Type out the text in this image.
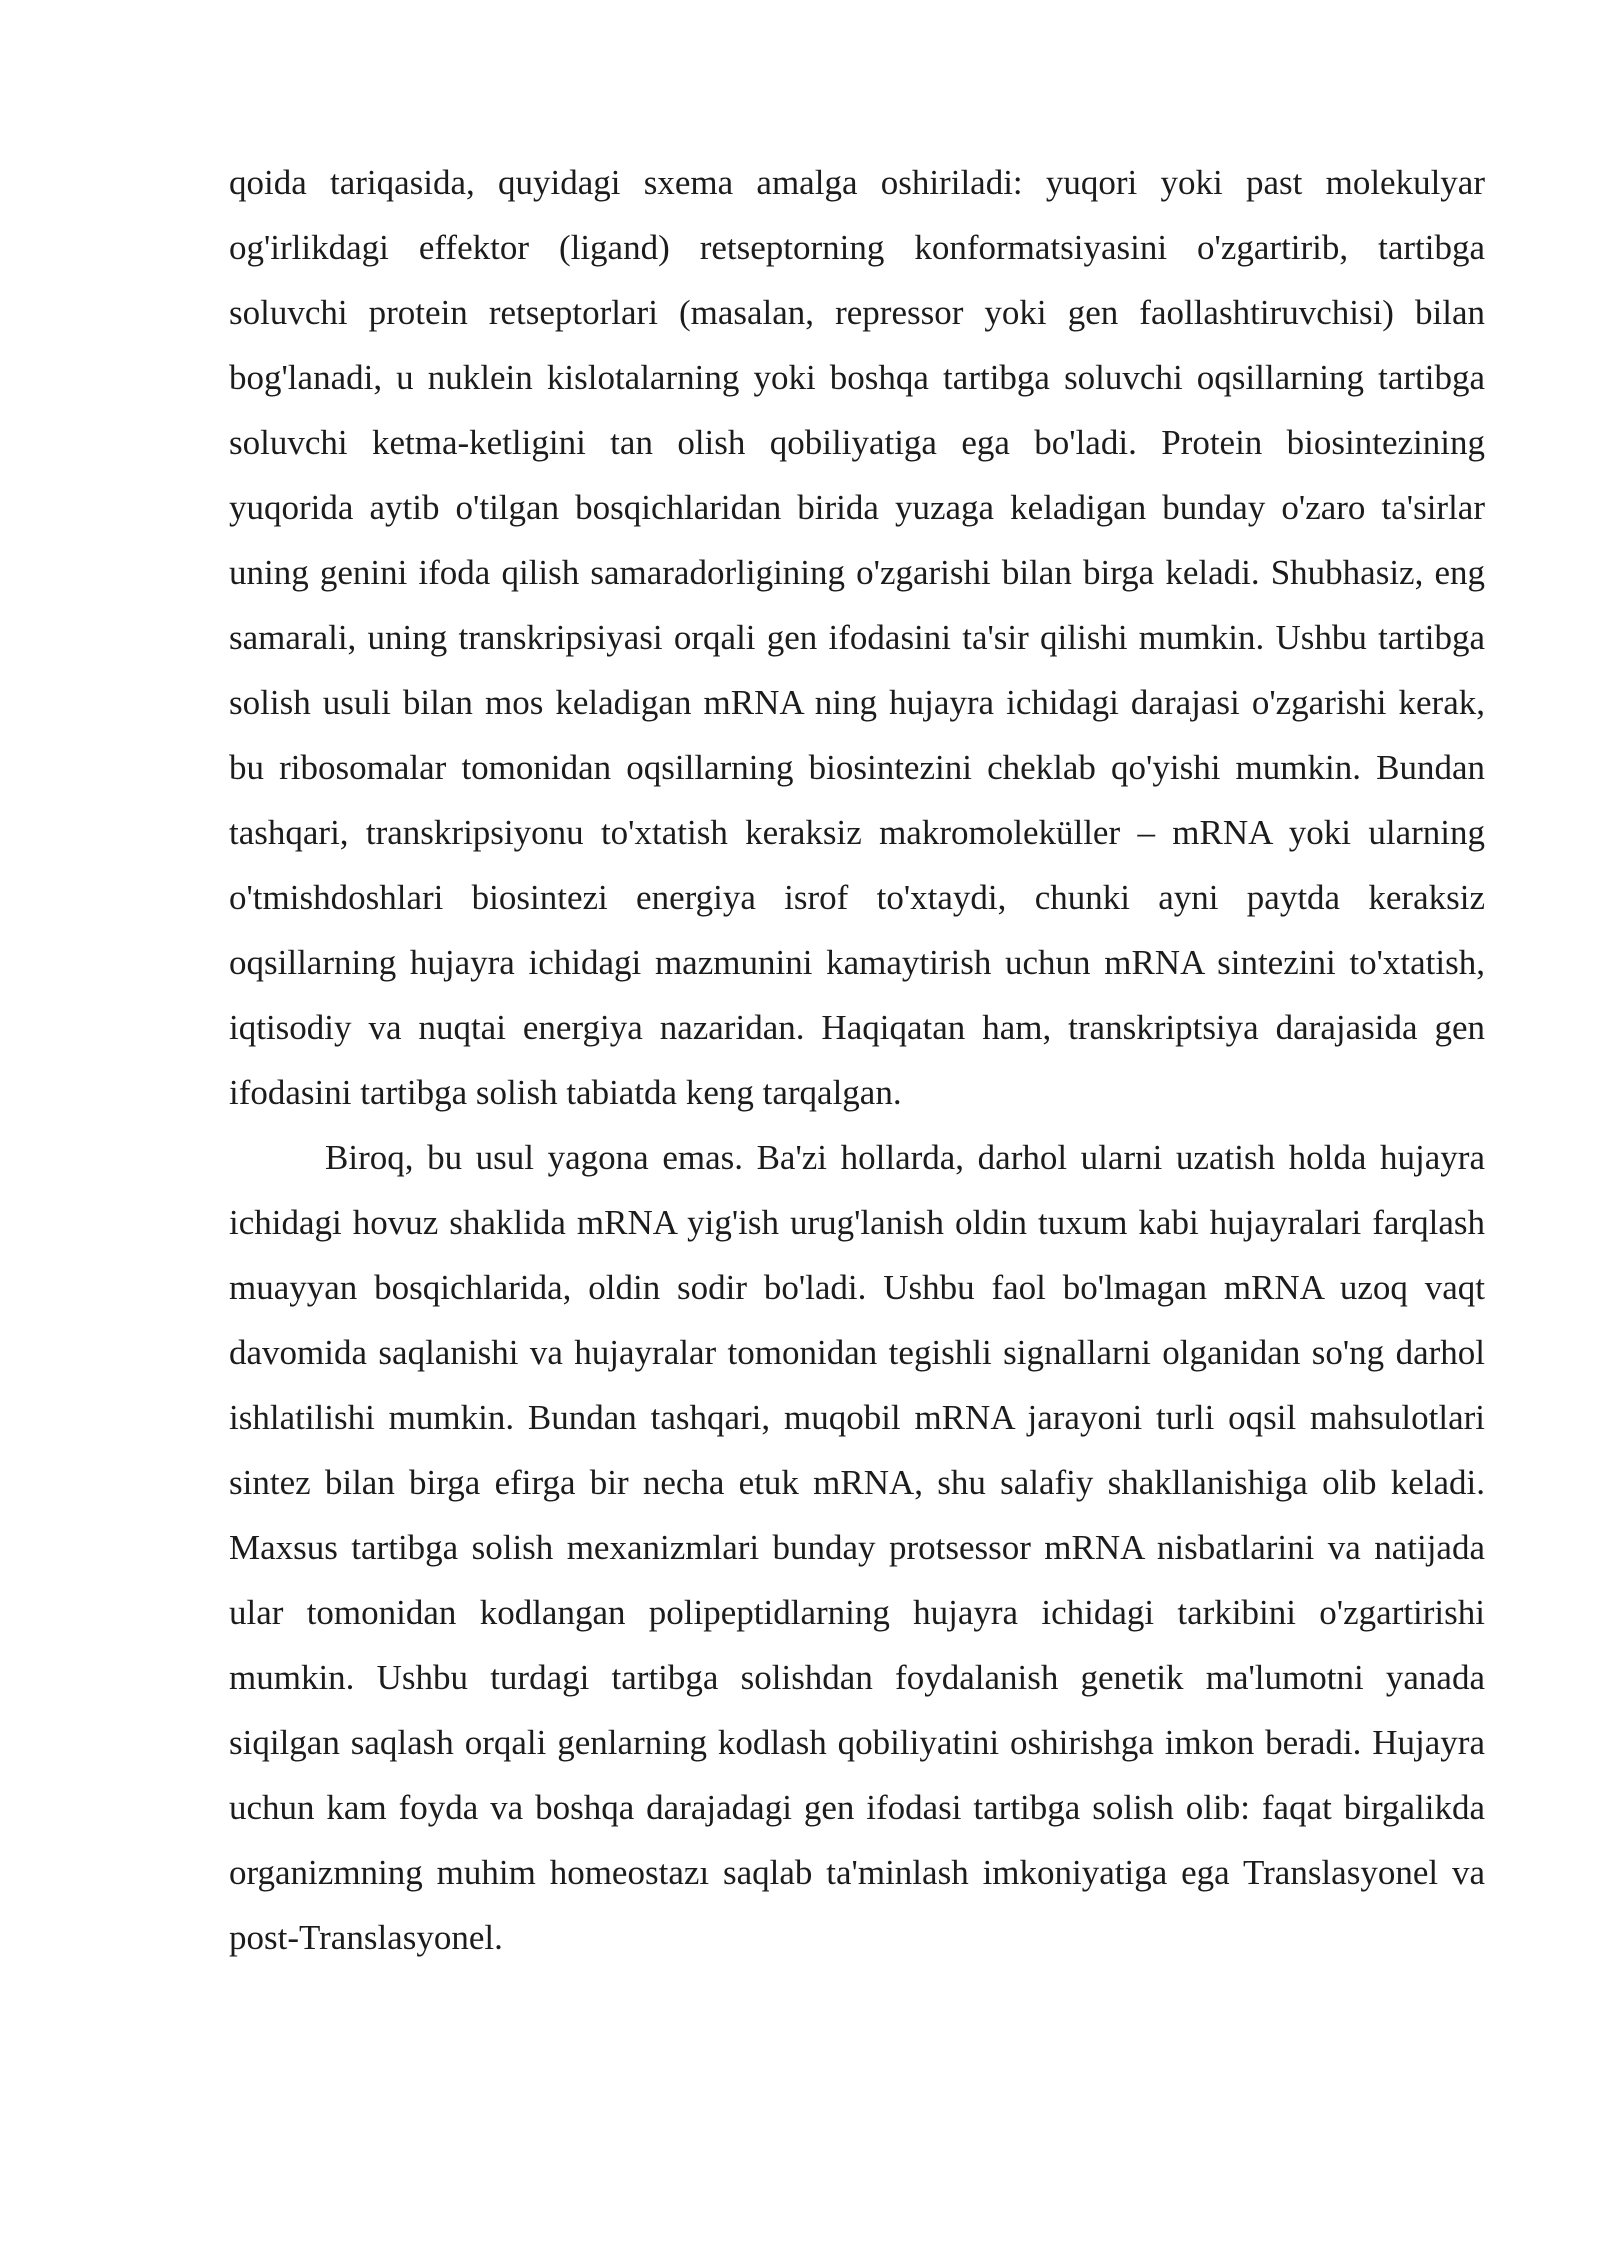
qoida tariqasida, quyidagi sxema amalga oshiriladi: yuqori yoki past molekulyar og'irlikdagi effektor (ligand) retseptorning konformatsiyasini o'zgartirib, tartibga soluvchi protein retseptorlari (masalan, repressor yoki gen faollashtiruvchisi) bilan bog'lanadi, u nuklein kislotalarning yoki boshqa tartibga soluvchi oqsillarning tartibga soluvchi ketma-ketligini tan olish qobiliyatiga ega bo'ladi. Protein biosintezining yuqorida aytib o'tilgan bosqichlaridan birida yuzaga keladigan bunday o'zaro ta'sirlar uning genini ifoda qilish samaradorligining o'zgarishi bilan birga keladi. Shubhasiz, eng samarali, uning transkripsiyasi orqali gen ifodasini ta'sir qilishi mumkin. Ushbu tartibga solish usuli bilan mos keladigan mRNA ning hujayra ichidagi darajasi o'zgarishi kerak, bu ribosomalar tomonidan oqsillarning biosintezini cheklab qo'yishi mumkin. Bundan tashqari, transkripsiyonu to'xtatish keraksiz makromoleküller – mRNA yoki ularning o'tmishdoshlari biosintezi energiya isrof to'xtaydi, chunki ayni paytda keraksiz oqsillarning hujayra ichidagi mazmunini kamaytirish uchun mRNA sintezini to'xtatish, iqtisodiy va nuqtai energiya nazaridan. Haqiqatan ham, transkriptsiya darajasida gen ifodasini tartibga solish tabiatda keng tarqalgan.

Biroq, bu usul yagona emas. Ba'zi hollarda, darhol ularni uzatish holda hujayra ichidagi hovuz shaklida mRNA yig'ish urug'lanish oldin tuxum kabi hujayralari farqlash muayyan bosqichlarida, oldin sodir bo'ladi. Ushbu faol bo'lmagan mRNA uzoq vaqt davomida saqlanishi va hujayralar tomonidan tegishli signallarni olganidan so'ng darhol ishlatilishi mumkin. Bundan tashqari, muqobil mRNA jarayoni turli oqsil mahsulotlari sintez bilan birga efirga bir necha etuk mRNA, shu salafiy shakllanishiga olib keladi. Maxsus tartibga solish mexanizmlari bunday protsessor mRNA nisbatlarini va natijada ular tomonidan kodlangan polipeptidlarning hujayra ichidagi tarkibini o'zgartirishi mumkin. Ushbu turdagi tartibga solishdan foydalanish genetik ma'lumotni yanada siqilgan saqlash orqali genlarning kodlash qobiliyatini oshirishga imkon beradi. Hujayra uchun kam foyda va boshqa darajadagi gen ifodasi tartibga solish olib: faqat birgalikda organizmning muhim homeostazı saqlab ta'minlash imkoniyatiga ega Translasyonel va post-Translasyonel.
